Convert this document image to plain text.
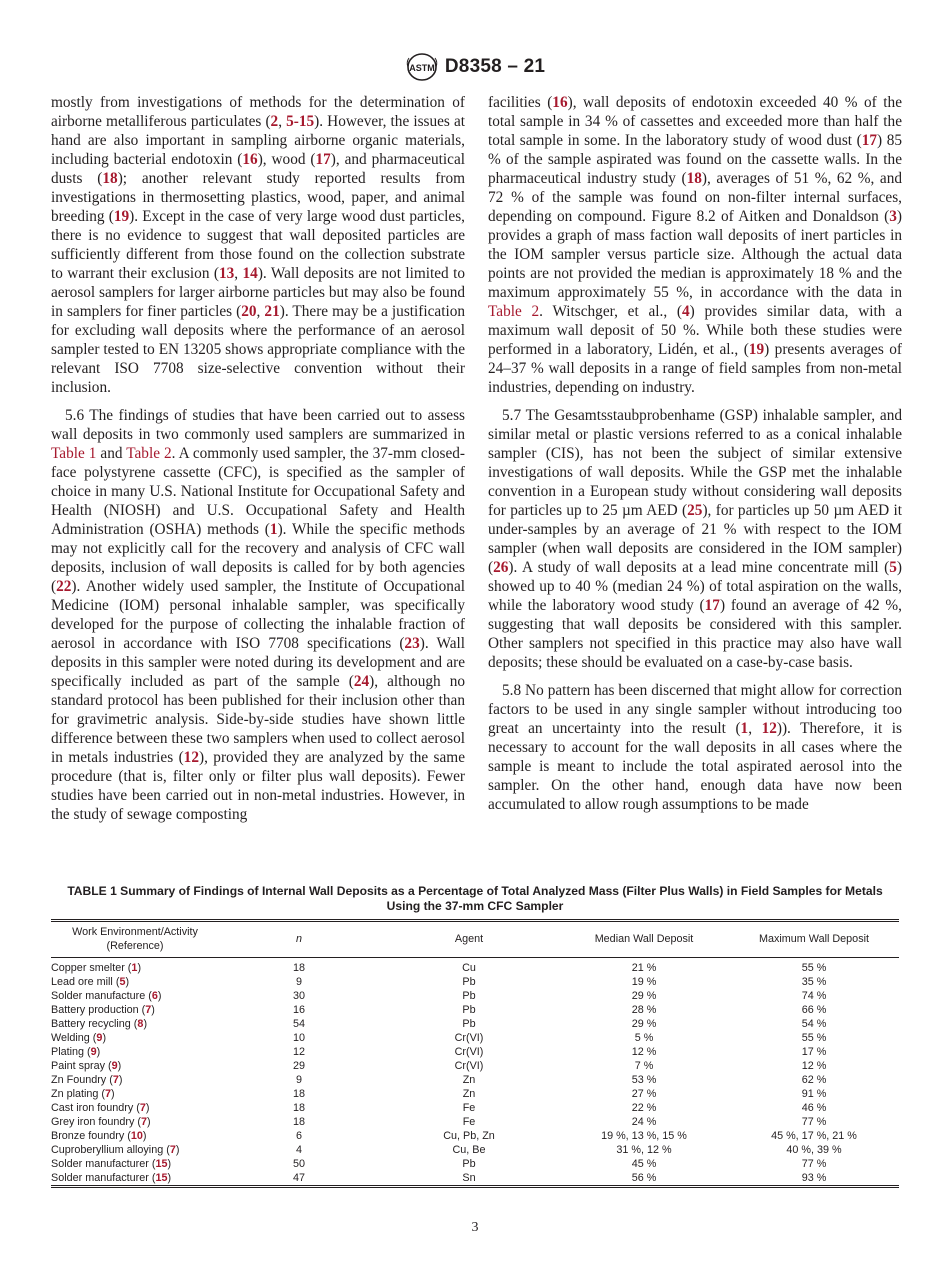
ASTM D8358 – 21

mostly from investigations of methods for the determination of airborne metalliferous particulates (2, 5-15). However, the issues at hand are also important in sampling airborne organic materials, including bacterial endotoxin (16), wood (17), and pharmaceutical dusts (18); another relevant study reported results from investigations in thermosetting plastics, wood, paper, and animal breeding (19). Except in the case of very large wood dust particles, there is no evidence to suggest that wall deposited particles are sufficiently different from those found on the collection substrate to warrant their exclusion (13, 14). Wall deposits are not limited to aerosol samplers for larger airborne particles but may also be found in samplers for finer particles (20, 21). There may be a justification for excluding wall deposits where the performance of an aerosol sampler tested to EN 13205 shows appropriate compliance with the relevant ISO 7708 size-selective convention without their inclusion.

5.6 The findings of studies that have been carried out to assess wall deposits in two commonly used samplers are summarized in Table 1 and Table 2. A commonly used sampler, the 37-mm closed-face polystyrene cassette (CFC), is specified as the sampler of choice in many U.S. National Institute for Occupational Safety and Health (NIOSH) and U.S. Occupational Safety and Health Administration (OSHA) methods (1). While the specific methods may not explicitly call for the recovery and analysis of CFC wall deposits, inclusion of wall deposits is called for by both agencies (22). Another widely used sampler, the Institute of Occupational Medicine (IOM) personal inhalable sampler, was specifically developed for the purpose of collecting the inhalable fraction of aerosol in accordance with ISO 7708 specifications (23). Wall deposits in this sampler were noted during its development and are specifically included as part of the sample (24), although no standard protocol has been published for their inclusion other than for gravimetric analysis. Side-by-side studies have shown little difference between these two samplers when used to collect aerosol in metals industries (12), provided they are analyzed by the same procedure (that is, filter only or filter plus wall deposits). Fewer studies have been carried out in non-metal industries. However, in the study of sewage composting

facilities (16), wall deposits of endotoxin exceeded 40 % of the total sample in 34 % of cassettes and exceeded more than half the total sample in some. In the laboratory study of wood dust (17) 85 % of the sample aspirated was found on the cassette walls. In the pharmaceutical industry study (18), averages of 51 %, 62 %, and 72 % of the sample was found on non-filter internal surfaces, depending on compound. Figure 8.2 of Aitken and Donaldson (3) provides a graph of mass faction wall deposits of inert particles in the IOM sampler versus particle size. Although the actual data points are not provided the median is approximately 18 % and the maximum approximately 55 %, in accordance with the data in Table 2. Witschger, et al., (4) provides similar data, with a maximum wall deposit of 50 %. While both these studies were performed in a laboratory, Lidén, et al., (19) presents averages of 24–37 % wall deposits in a range of field samples from non-metal industries, depending on industry.

5.7 The Gesamtsstaubprobenhame (GSP) inhalable sampler, and similar metal or plastic versions referred to as a conical inhalable sampler (CIS), has not been the subject of similar extensive investigations of wall deposits. While the GSP met the inhalable convention in a European study without considering wall deposits for particles up to 25 µm AED (25), for particles up 50 µm AED it under-samples by an average of 21 % with respect to the IOM sampler (when wall deposits are considered in the IOM sampler) (26). A study of wall deposits at a lead mine concentrate mill (5) showed up to 40 % (median 24 %) of total aspiration on the walls, while the laboratory wood study (17) found an average of 42 %, suggesting that wall deposits be considered with this sampler. Other samplers not specified in this practice may also have wall deposits; these should be evaluated on a case-by-case basis.

5.8 No pattern has been discerned that might allow for correction factors to be used in any single sampler without introducing too great an uncertainty into the result (1, 12)). Therefore, it is necessary to account for the wall deposits in all cases where the sample is meant to include the total aspirated aerosol into the sampler. On the other hand, enough data have now been accumulated to allow rough assumptions to be made

TABLE 1 Summary of Findings of Internal Wall Deposits as a Percentage of Total Analyzed Mass (Filter Plus Walls) in Field Samples for Metals Using the 37-mm CFC Sampler
Work Environment/Activity (Reference)	n	Agent	Median Wall Deposit	Maximum Wall Deposit
Copper smelter (1)	18	Cu	21 %	55 %
Lead ore mill (5)	9	Pb	19 %	35 %
Solder manufacture (6)	30	Pb	29 %	74 %
Battery production (7)	16	Pb	28 %	66 %
Battery recycling (8)	54	Pb	29 %	54 %
Welding (9)	10	Cr(VI)	5 %	55 %
Plating (9)	12	Cr(VI)	12 %	17 %
Paint spray (9)	29	Cr(VI)	7 %	12 %
Zn Foundry (7)	9	Zn	53 %	62 %
Zn plating (7)	18	Zn	27 %	91 %
Cast iron foundry (7)	18	Fe	22 %	46 %
Grey iron foundry (7)	18	Fe	24 %	77 %
Bronze foundry (10)	6	Cu, Pb, Zn	19 %, 13 %, 15 %	45 %, 17 %, 21 %
Cuproberyllium alloying (7)	4	Cu, Be	31 %, 12 %	40 %, 39 %
Solder manufacturer (15)	50	Pb	45 %	77 %
Solder manufacturer (15)	47	Sn	56 %	93 %
3
